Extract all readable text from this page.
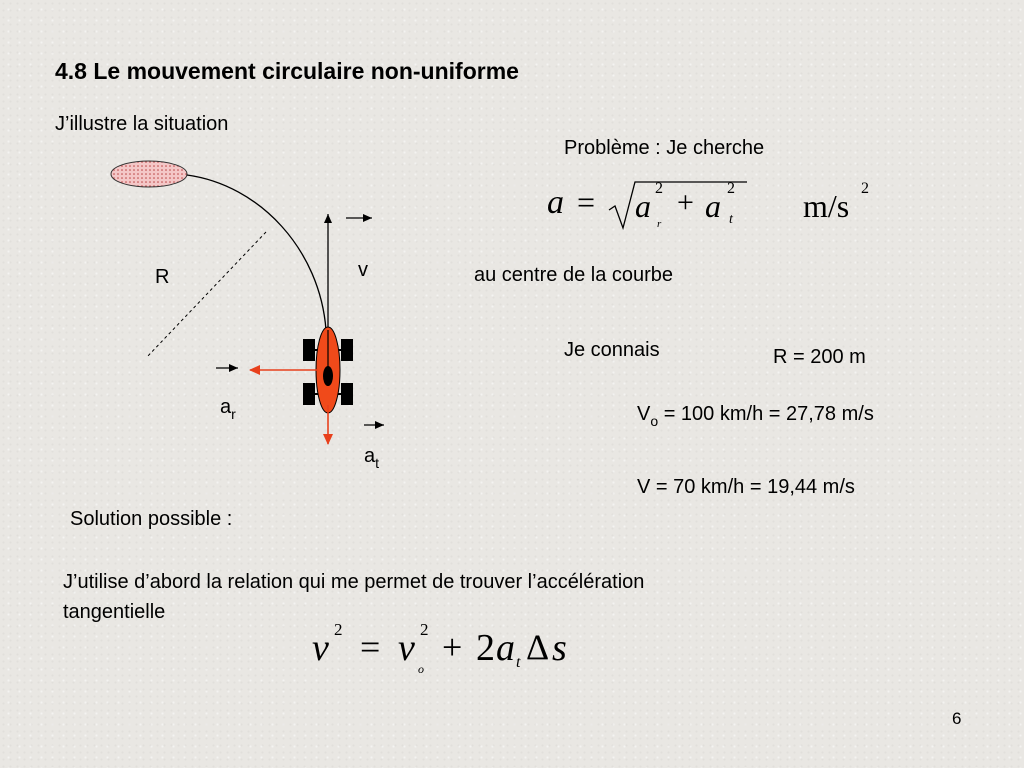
4.8 Le mouvement circulaire non-uniforme
J’illustre la situation
R	v
$a_r$
$a_t$
Problème : Je cherche
a = a 2
r
+ a 2
t m/s 2
au centre de la courbe
Je connais	R = 200 m
$V_o = 100$ km/h = 27,78 m/s
V = 70 km/h = 19,44 m/s
Solution possible :
J’utilise d’abord la relation qui me permet de trouver l’accélération
tangentielle
v 2 = v 2
o
+ 2 a t Δ s
6
